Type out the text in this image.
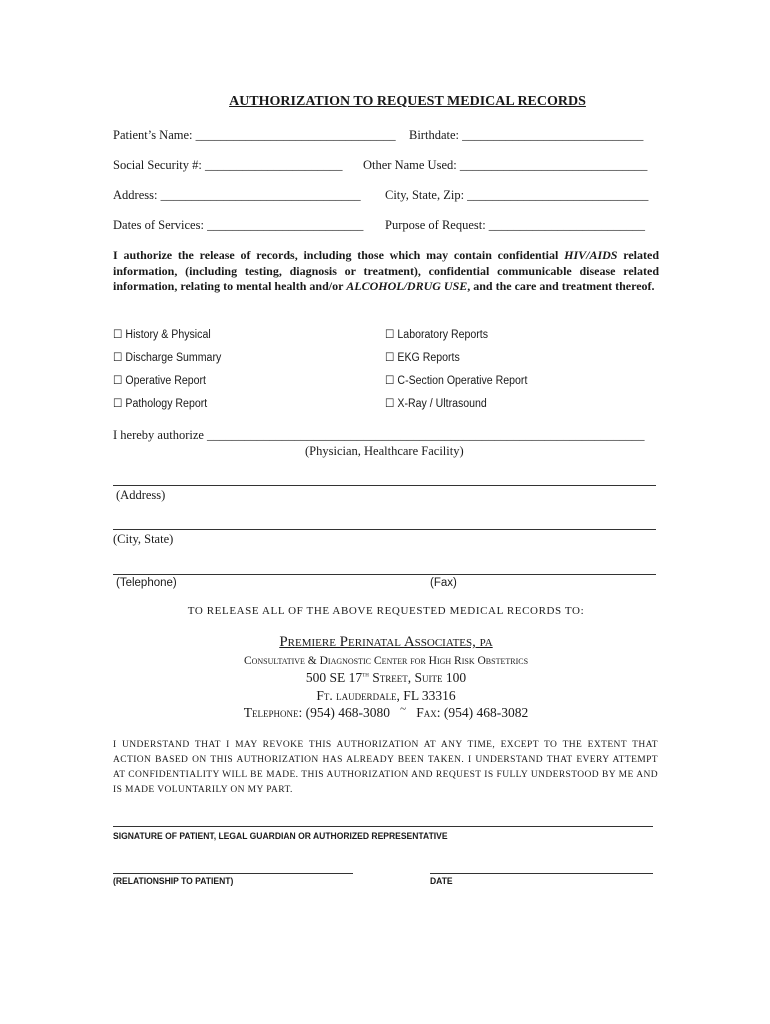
AUTHORIZATION TO REQUEST MEDICAL RECORDS
Patient’s Name: ________________________________ Birthdate: _____________________________
Social Security #: ______________________ Other Name Used: ______________________________
Address: ________________________________ City, State, Zip: _____________________________
Dates of Services: _________________________ Purpose of Request: _________________________
I authorize the release of records, including those which may contain confidential HIV/AIDS related information, (including testing, diagnosis or treatment), confidential communicable disease related information, relating to mental health and/or ALCOHOL/DRUG USE, and the care and treatment thereof.
☐ History & Physical	☐ Laboratory Reports
☐ Discharge Summary	☐ EKG Reports
☐ Operative Report	☐ C-Section Operative Report
☐ Pathology Report	☐ X-Ray / Ultrasound
I hereby authorize ______________________________________________________________________
(Physician, Healthcare Facility)
(Address)
(City, State)
(Telephone)	(Fax)
TO RELEASE ALL OF THE ABOVE REQUESTED MEDICAL RECORDS TO:
Premiere Perinatal Associates, pa
Consultative & Diagnostic Center for High Risk Obstetrics
500 SE 17th Street, Suite 100
Ft. lauderdale, FL 33316
Telephone: (954) 468-3080 ~ Fax: (954) 468-3082
I UNDERSTAND THAT I MAY REVOKE THIS AUTHORIZATION AT ANY TIME, EXCEPT TO THE EXTENT THAT ACTION BASED ON THIS AUTHORIZATION HAS ALREADY BEEN TAKEN. I UNDERSTAND THAT EVERY ATTEMPT AT CONFIDENTIALITY WILL BE MADE. THIS AUTHORIZATION AND REQUEST IS FULLY UNDERSTOOD BY ME AND IS MADE VOLUNTARILY ON MY PART.
SIGNATURE OF PATIENT, LEGAL GUARDIAN OR AUTHORIZED REPRESENTATIVE
(RELATIONSHIP TO PATIENT)	DATE
